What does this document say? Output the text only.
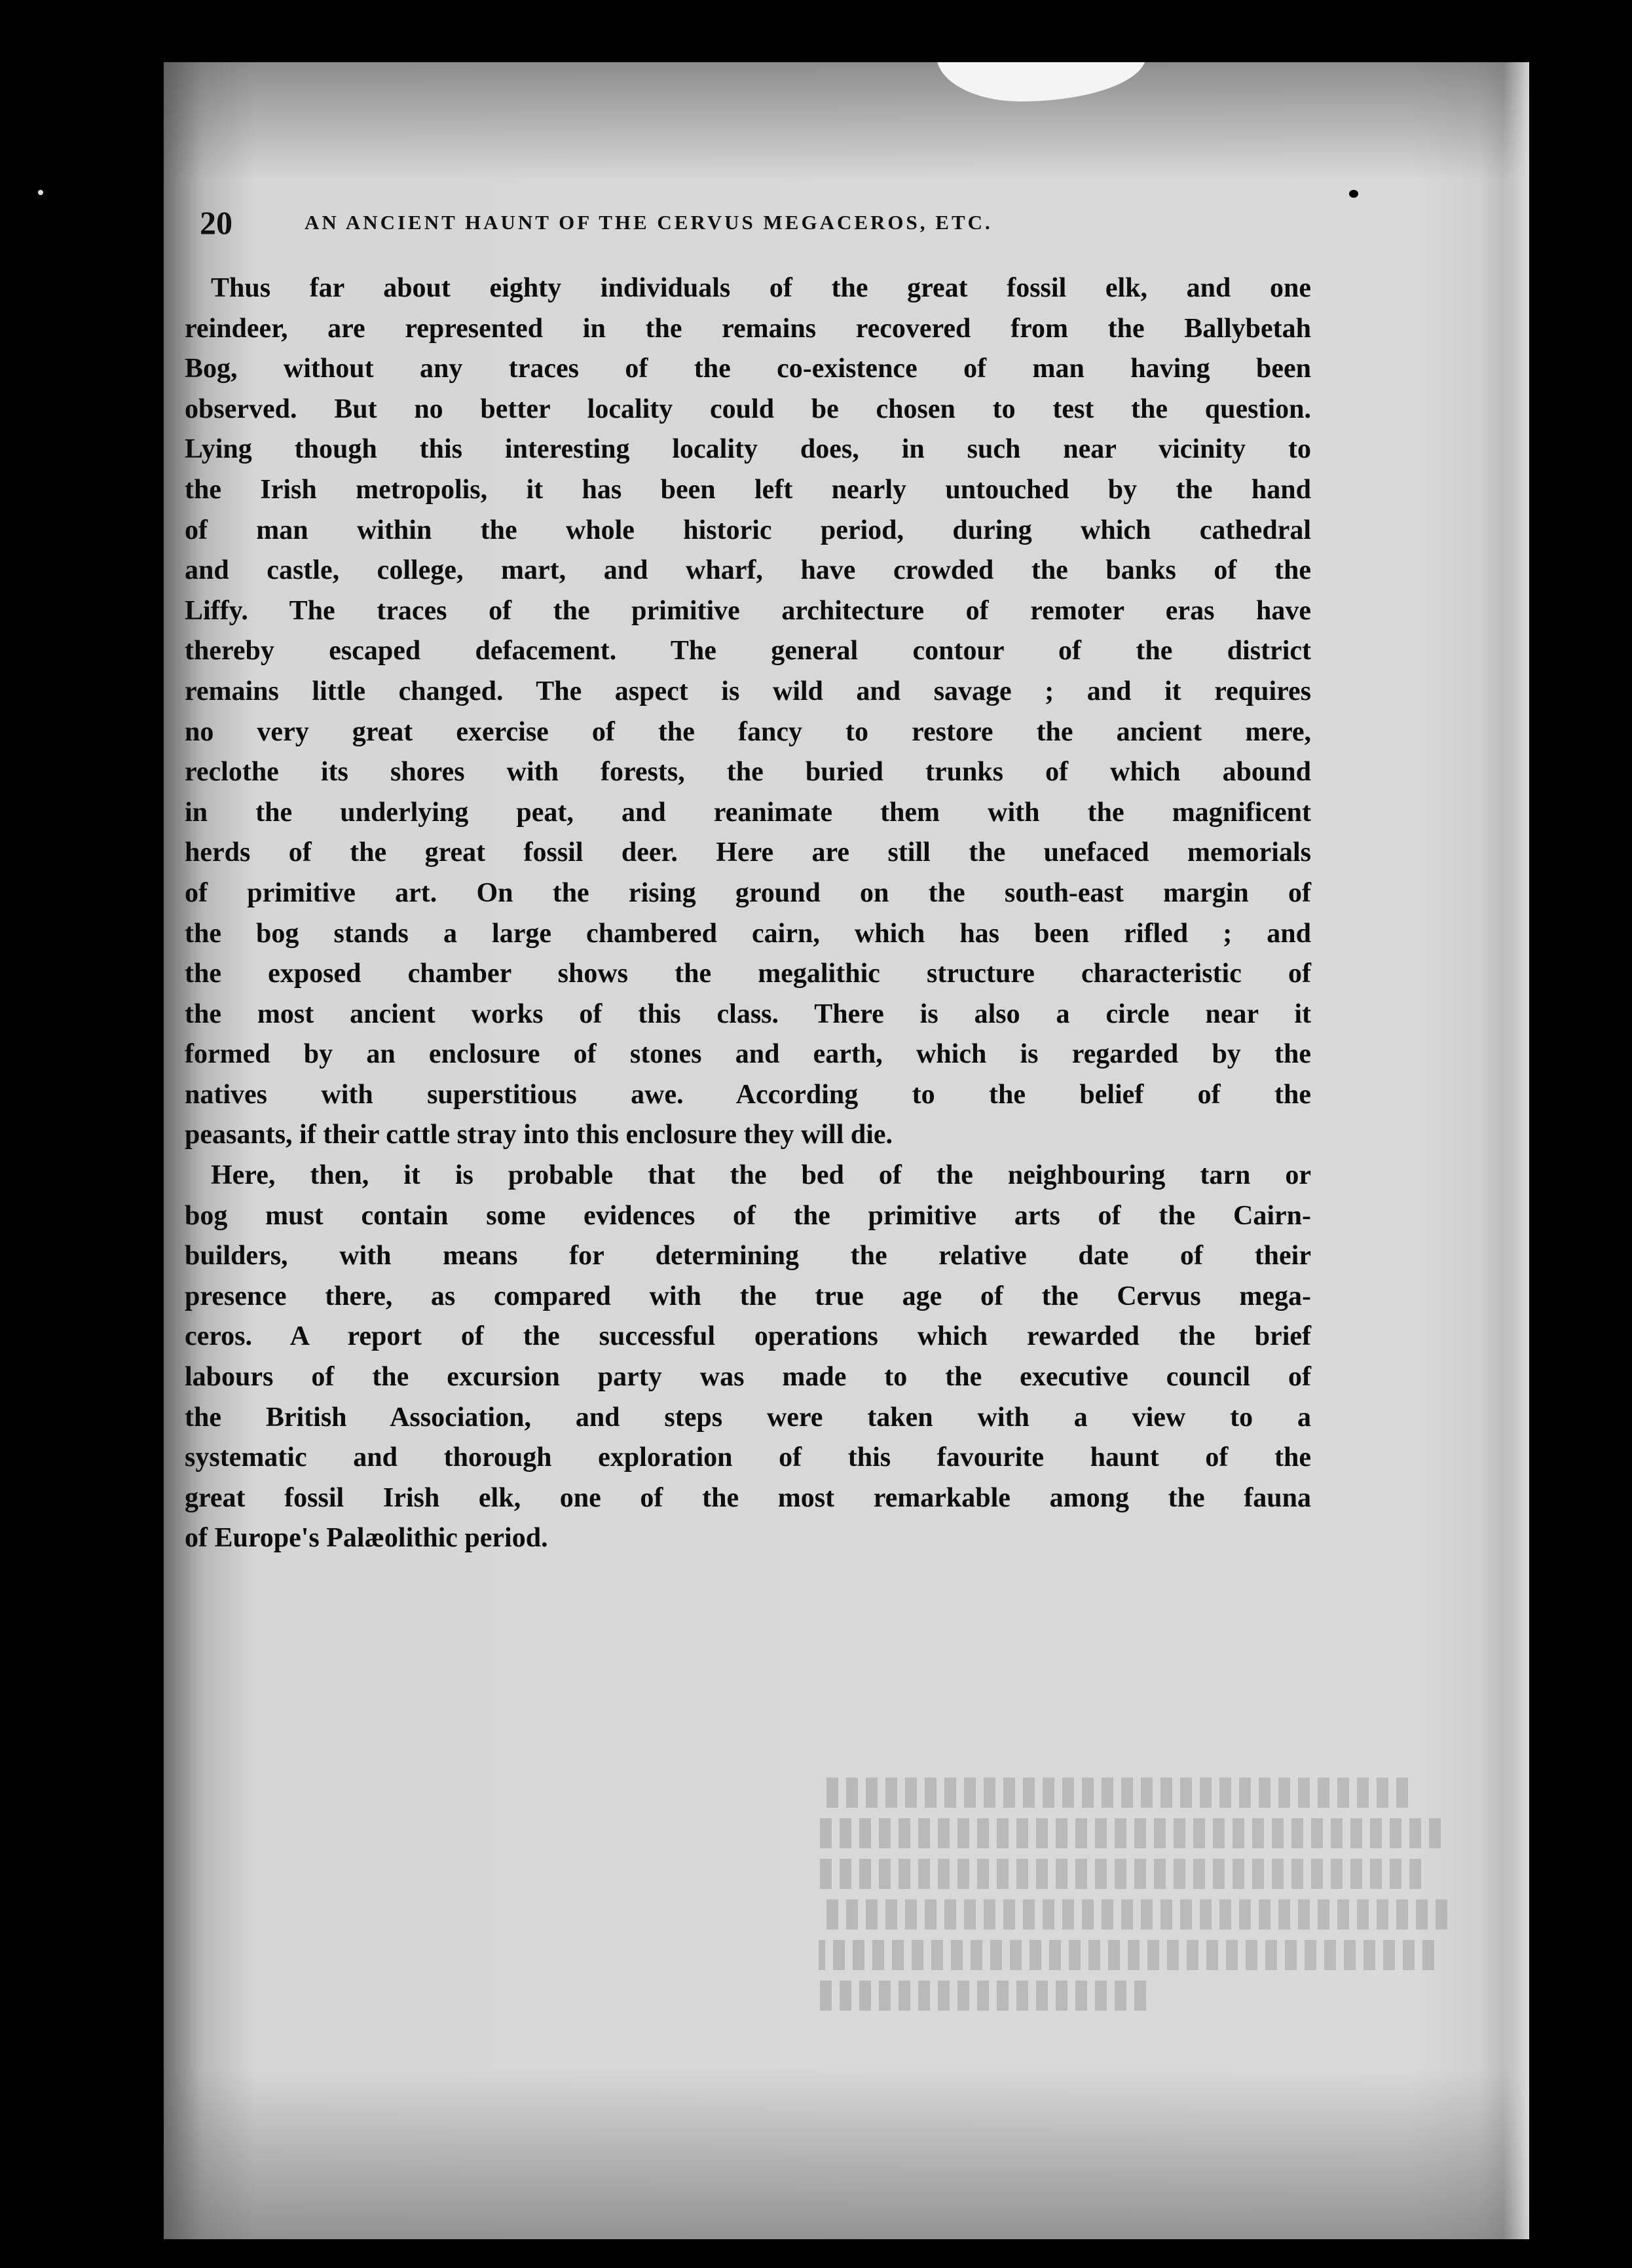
20	AN ANCIENT HAUNT OF THE CERVUS MEGACEROS, ETC.
Thus far about eighty individuals of the great fossil elk, and one
reindeer, are represented in the remains recovered from the Ballybetah
Bog, without any traces of the co-existence of man having been
observed. But no better locality could be chosen to test the question.
Lying though this interesting locality does, in such near vicinity to
the Irish metropolis, it has been left nearly untouched by the hand
of man within the whole historic period, during which cathedral
and castle, college, mart, and wharf, have crowded the banks of the
Liffy. The traces of the primitive architecture of remoter eras have
thereby escaped defacement. The general contour of the district
remains little changed. The aspect is wild and savage ; and it requires
no very great exercise of the fancy to restore the ancient mere,
reclothe its shores with forests, the buried trunks of which abound
in the underlying peat, and reanimate them with the magnificent
herds of the great fossil deer. Here are still the unefaced memorials
of primitive art. On the rising ground on the south-east margin of
the bog stands a large chambered cairn, which has been rifled ; and
the exposed chamber shows the megalithic structure characteristic of
the most ancient works of this class. There is also a circle near it
formed by an enclosure of stones and earth, which is regarded by the
natives with superstitious awe. According to the belief of the
peasants, if their cattle stray into this enclosure they will die.
Here, then, it is probable that the bed of the neighbouring tarn or
bog must contain some evidences of the primitive arts of the Cairn-
builders, with means for determining the relative date of their
presence there, as compared with the true age of the Cervus mega-
ceros. A report of the successful operations which rewarded the brief
labours of the excursion party was made to the executive council of
the British Association, and steps were taken with a view to a
systematic and thorough exploration of this favourite haunt of the
great fossil Irish elk, one of the most remarkable among the fauna
of Europe's Palæolithic period.
